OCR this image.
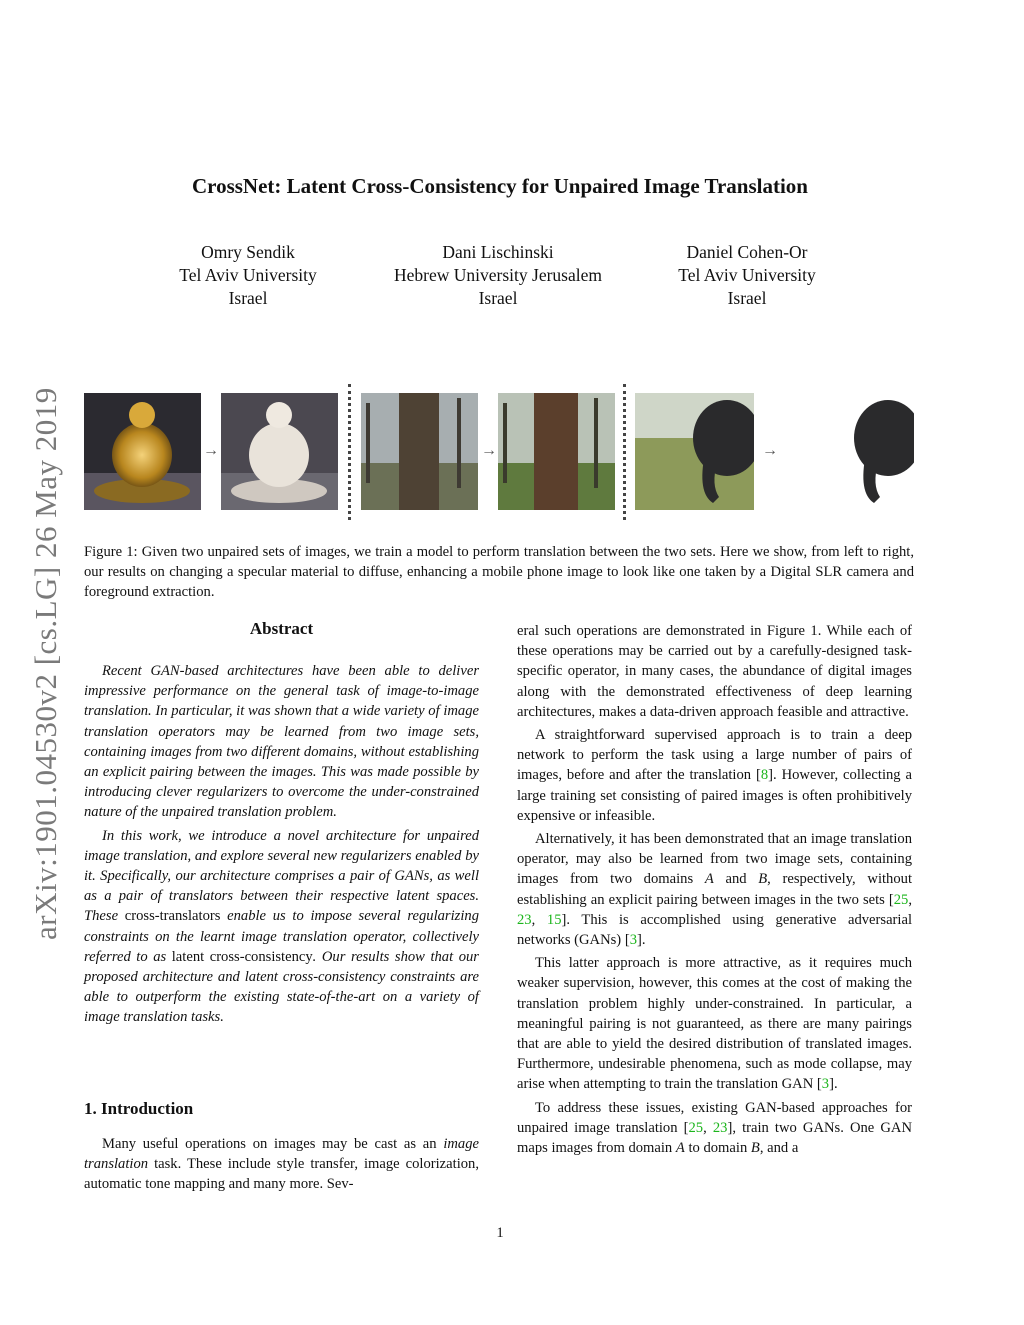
arXiv:1901.04530v2 [cs.LG] 26 May 2019
CrossNet: Latent Cross-Consistency for Unpaired Image Translation
Omry Sendik
Tel Aviv University
Israel
Dani Lischinski
Hebrew University Jerusalem
Israel
Daniel Cohen-Or
Tel Aviv University
Israel
→	→	→
Figure 1: Given two unpaired sets of images, we train a model to perform translation between the two sets. Here we show, from left to right, our results on changing a specular material to diffuse, enhancing a mobile phone image to look like one taken by a Digital SLR camera and foreground extraction.
Abstract

Recent GAN-based architectures have been able to deliver impressive performance on the general task of image-to-image translation. In particular, it was shown that a wide variety of image translation operators may be learned from two image sets, containing images from two different domains, without establishing an explicit pairing between the images. This was made possible by introducing clever regularizers to overcome the under-constrained nature of the unpaired translation problem.

In this work, we introduce a novel architecture for unpaired image translation, and explore several new regularizers enabled by it. Specifically, our architecture comprises a pair of GANs, as well as a pair of translators between their respective latent spaces. These cross-translators enable us to impose several regularizing constraints on the learnt image translation operator, collectively referred to as latent cross-consistency. Our results show that our proposed architecture and latent cross-consistency constraints are able to outperform the existing state-of-the-art on a variety of image translation tasks.

1. Introduction

Many useful operations on images may be cast as an image translation task. These include style transfer, image colorization, automatic tone mapping and many more. Sev-

eral such operations are demonstrated in Figure 1. While each of these operations may be carried out by a carefully-designed task-specific operator, in many cases, the abundance of digital images along with the demonstrated effectiveness of deep learning architectures, makes a data-driven approach feasible and attractive.

A straightforward supervised approach is to train a deep network to perform the task using a large number of pairs of images, before and after the translation [8]. However, collecting a large training set consisting of paired images is often prohibitively expensive or infeasible.

Alternatively, it has been demonstrated that an image translation operator, may also be learned from two image sets, containing images from two domains A and B, respectively, without establishing an explicit pairing between images in the two sets [25, 23, 15]. This is accomplished using generative adversarial networks (GANs) [3].

This latter approach is more attractive, as it requires much weaker supervision, however, this comes at the cost of making the translation problem highly under-constrained. In particular, a meaningful pairing is not guaranteed, as there are many pairings that are able to yield the desired distribution of translated images. Furthermore, undesirable phenomena, such as mode collapse, may arise when attempting to train the translation GAN [3].

To address these issues, existing GAN-based approaches for unpaired image translation [25, 23], train two GANs. One GAN maps images from domain A to domain B, and a

1
